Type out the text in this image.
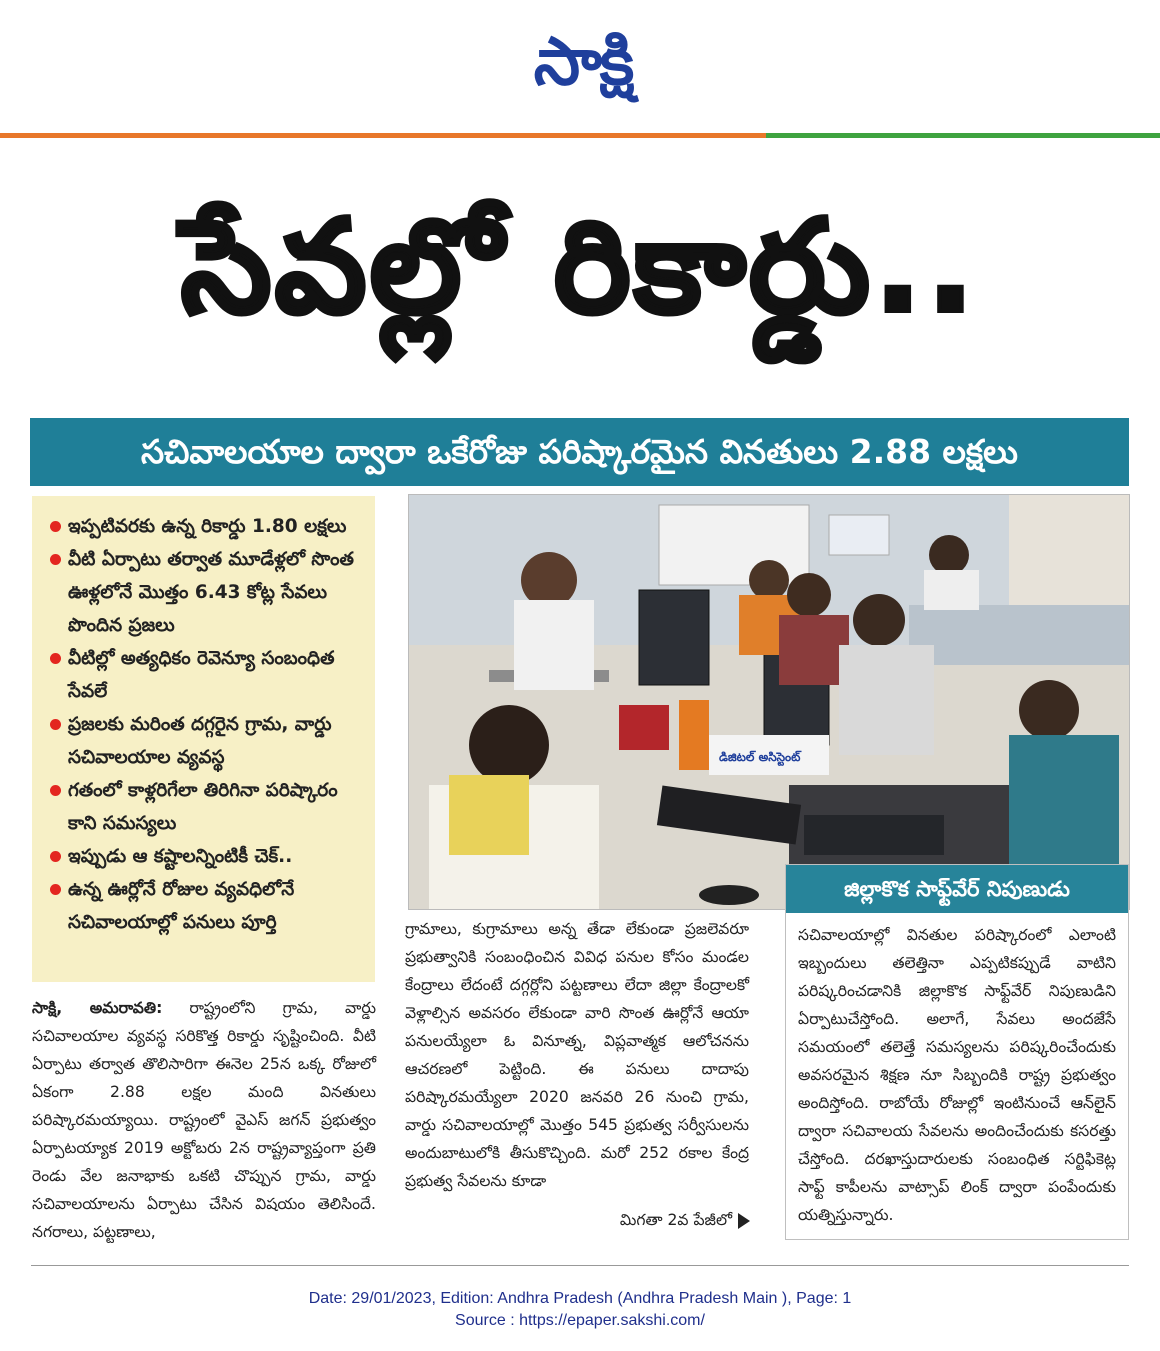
సాక్షి
సేవల్లో రికార్డు..
సచివాలయాల ద్వారా ఒకేరోజు పరిష్కారమైన వినతులు 2.88 లక్షలు
ఇప్పటివరకు ఉన్న రికార్డు 1.80 లక్షలు
వీటి ఏర్పాటు తర్వాత మూడేళ్లలో సొంత ఊళ్లలోనే మొత్తం 6.43 కోట్ల సేవలు పొందిన ప్రజలు
వీటిల్లో అత్యధికం రెవెన్యూ సంబంధిత సేవలే
ప్రజలకు మరింత దగ్గరైన గ్రామ, వార్డు సచివాలయాల వ్యవస్థ
గతంలో కాళ్లరిగేలా తిరిగినా పరిష్కారం కాని సమస్యలు
ఇప్పుడు ఆ కష్టాలన్నింటికీ చెక్..
ఉన్న ఊర్లోనే రోజుల వ్యవధిలోనే సచివాలయాల్లో పనులు పూర్తి
డిజిటల్ అసిస్టెంట్
సాక్షి, అమరావతి: రాష్ట్రంలోని గ్రామ, వార్డు సచివాలయాల వ్యవస్థ సరికొత్త రికార్డు సృష్టించింది. వీటి ఏర్పాటు తర్వాత తొలిసారిగా ఈనెల 25న ఒక్క రోజులో ఏకంగా 2.88 లక్షల మంది వినతులు పరిష్కారమయ్యాయి. రాష్ట్రంలో వైఎస్ జగన్ ప్రభుత్వం ఏర్పాటయ్యాక 2019 అక్టోబరు 2న రాష్ట్రవ్యాప్తంగా ప్రతి రెండు వేల జనాభాకు ఒకటి చొప్పున గ్రామ, వార్డు సచివాలయాలను ఏర్పాటు చేసిన విషయం తెలిసిందే. నగరాలు, పట్టణాలు,
గ్రామాలు, కుగ్రామాలు అన్న తేడా లేకుండా ప్రజలెవరూ ప్రభుత్వానికి సంబంధించిన వివిధ పనుల కోసం మండల కేంద్రాలు లేదంటే దగ్గర్లోని పట్టణాలు లేదా జిల్లా కేంద్రాలకో వెళ్లాల్సిన అవసరం లేకుండా వారి సొంత ఊర్లోనే ఆయా పనులయ్యేలా ఓ వినూత్న, విప్లవాత్మక ఆలోచనను ఆచరణలో పెట్టింది. ఈ పనులు దాదాపు పరిష్కారమయ్యేలా 2020 జనవరి 26 నుంచి గ్రామ, వార్డు సచివాలయాల్లో మొత్తం 545 ప్రభుత్వ సర్వీసులను అందుబాటులోకి తీసుకొచ్చింది. మరో 252 రకాల కేంద్ర ప్రభుత్వ సేవలను కూడా
మిగతా 2వ పేజీలో
జిల్లాకొక సాఫ్ట్‌వేర్ నిపుణుడు
సచివాలయాల్లో వినతుల పరిష్కారంలో ఎలాంటి ఇబ్బందులు తలెత్తినా ఎప్పటికప్పుడే వాటిని పరిష్కరించడానికి జిల్లాకొక సాఫ్ట్‌వేర్ నిపుణుడిని ఏర్పాటుచేస్తోంది. అలాగే, సేవలు అందజేసే సమయంలో తలెత్తే సమస్యలను పరిష్కరించేందుకు అవసరమైన శిక్షణ నూ సిబ్బందికి రాష్ట్ర ప్రభుత్వం అందిస్తోంది. రాబోయే రోజుల్లో ఇంటినుంచే ఆన్‌లైన్ ద్వారా సచివాలయ సేవలను అందించేందుకు కసరత్తు చేస్తోంది. దరఖాస్తుదారులకు సంబంధిత సర్టిఫికెట్ల సాఫ్ట్ కాపీలను వాట్సాప్ లింక్ ద్వారా పంపేందుకు యత్నిస్తున్నారు.
Date: 29/01/2023, Edition: Andhra Pradesh (Andhra Pradesh Main ), Page: 1
Source : https://epaper.sakshi.com/
